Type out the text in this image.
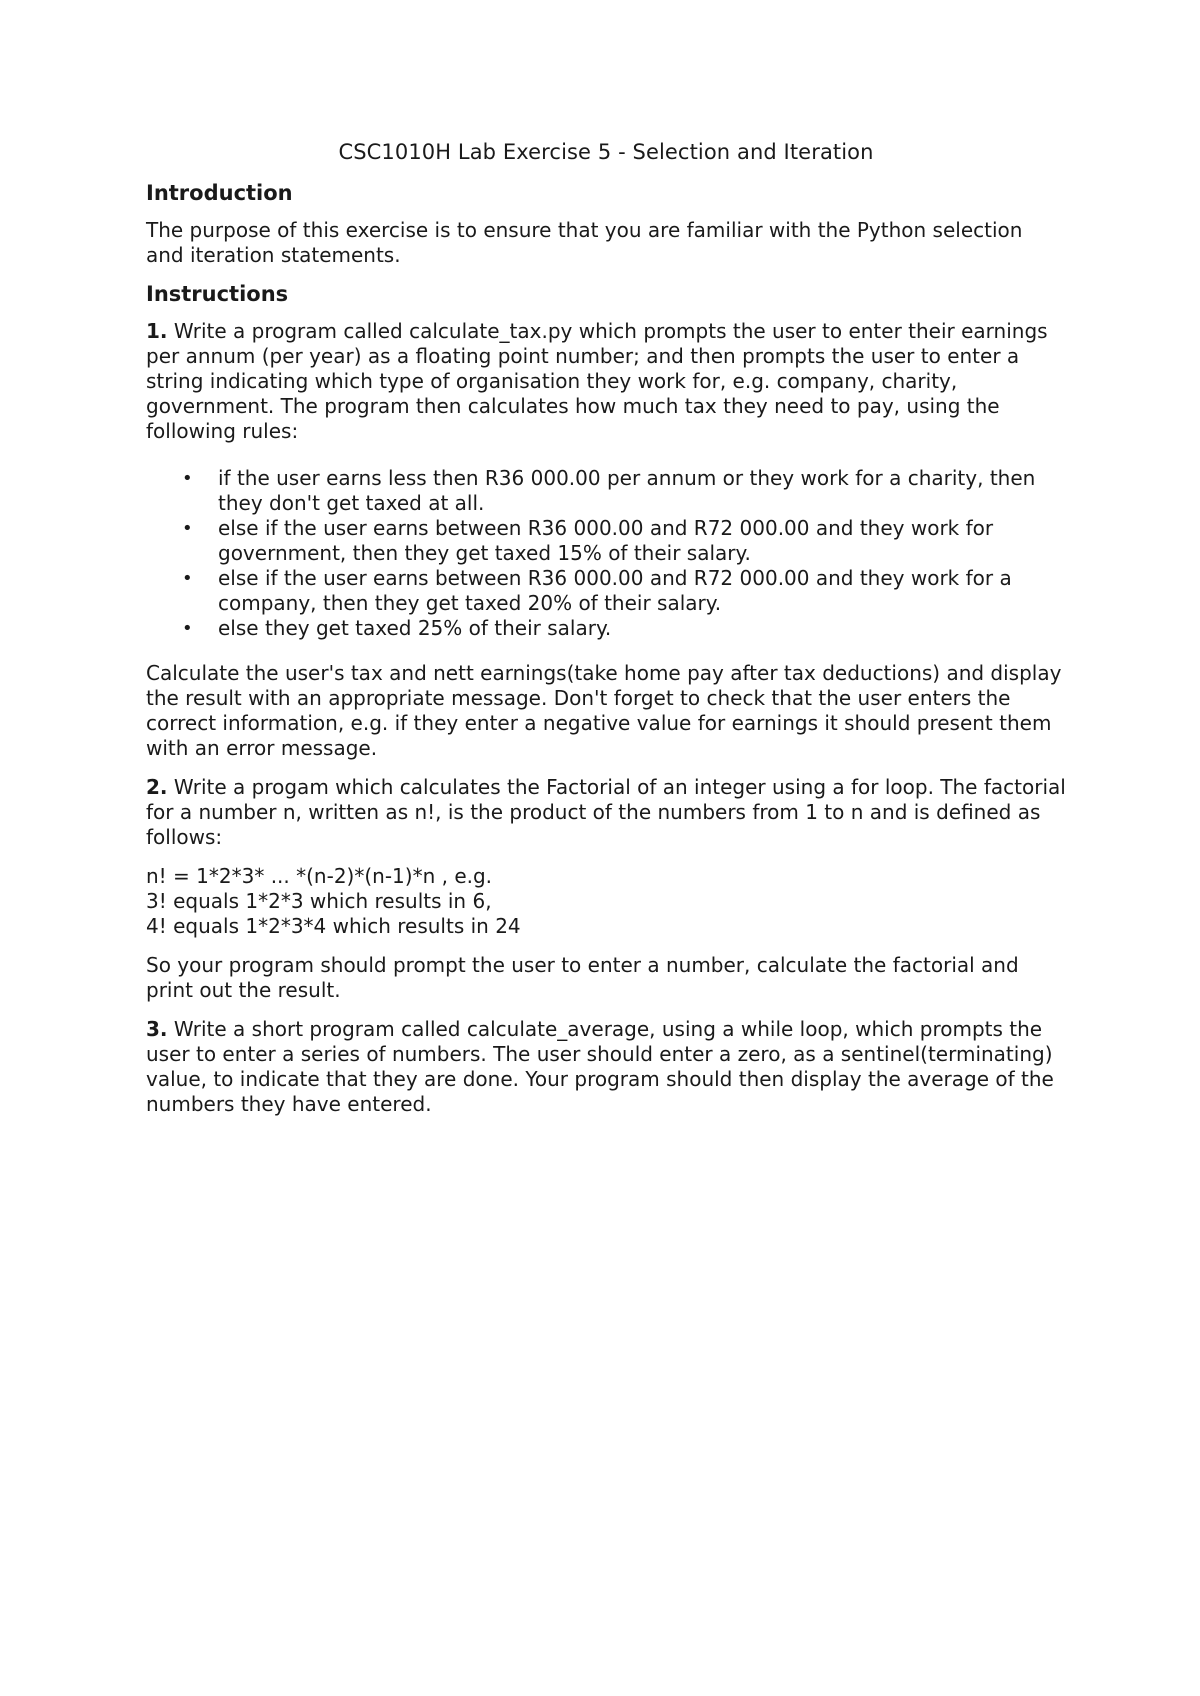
CSC1010H Lab Exercise 5 - Selection and Iteration
Introduction

The purpose of this exercise is to ensure that you are familiar with the Python selection and iteration statements.

Instructions

1. Write a program called calculate_tax.py which prompts the user to enter their earnings per annum (per year) as a floating point number; and then prompts the user to enter a string indicating which type of organisation they work for, e.g. company, charity, government. The program then calculates how much tax they need to pay, using the following rules:

• if the user earns less then R36 000.00 per annum or they work for a charity, then they don't get taxed at all.
• else if the user earns between R36 000.00 and R72 000.00 and they work for government, then they get taxed 15% of their salary.
• else if the user earns between R36 000.00 and R72 000.00 and they work for a company, then they get taxed 20% of their salary.
• else they get taxed 25% of their salary.

Calculate the user's tax and nett earnings(take home pay after tax deductions) and display the result with an appropriate message. Don't forget to check that the user enters the correct information, e.g. if they enter a negative value for earnings it should present them with an error message.

2. Write a progam which calculates the Factorial of an integer using a for loop. The factorial for a number n, written as n!, is the product of the numbers from 1 to n and is defined as follows:

n! = 1*2*3* ... *(n-2)*(n-1)*n , e.g.
3! equals 1*2*3 which results in 6,
4! equals 1*2*3*4 which results in 24

So your program should prompt the user to enter a number, calculate the factorial and print out the result.

3. Write a short program called calculate_average, using a while loop, which prompts the user to enter a series of numbers. The user should enter a zero, as a sentinel(terminating) value, to indicate that they are done. Your program should then display the average of the numbers they have entered.
